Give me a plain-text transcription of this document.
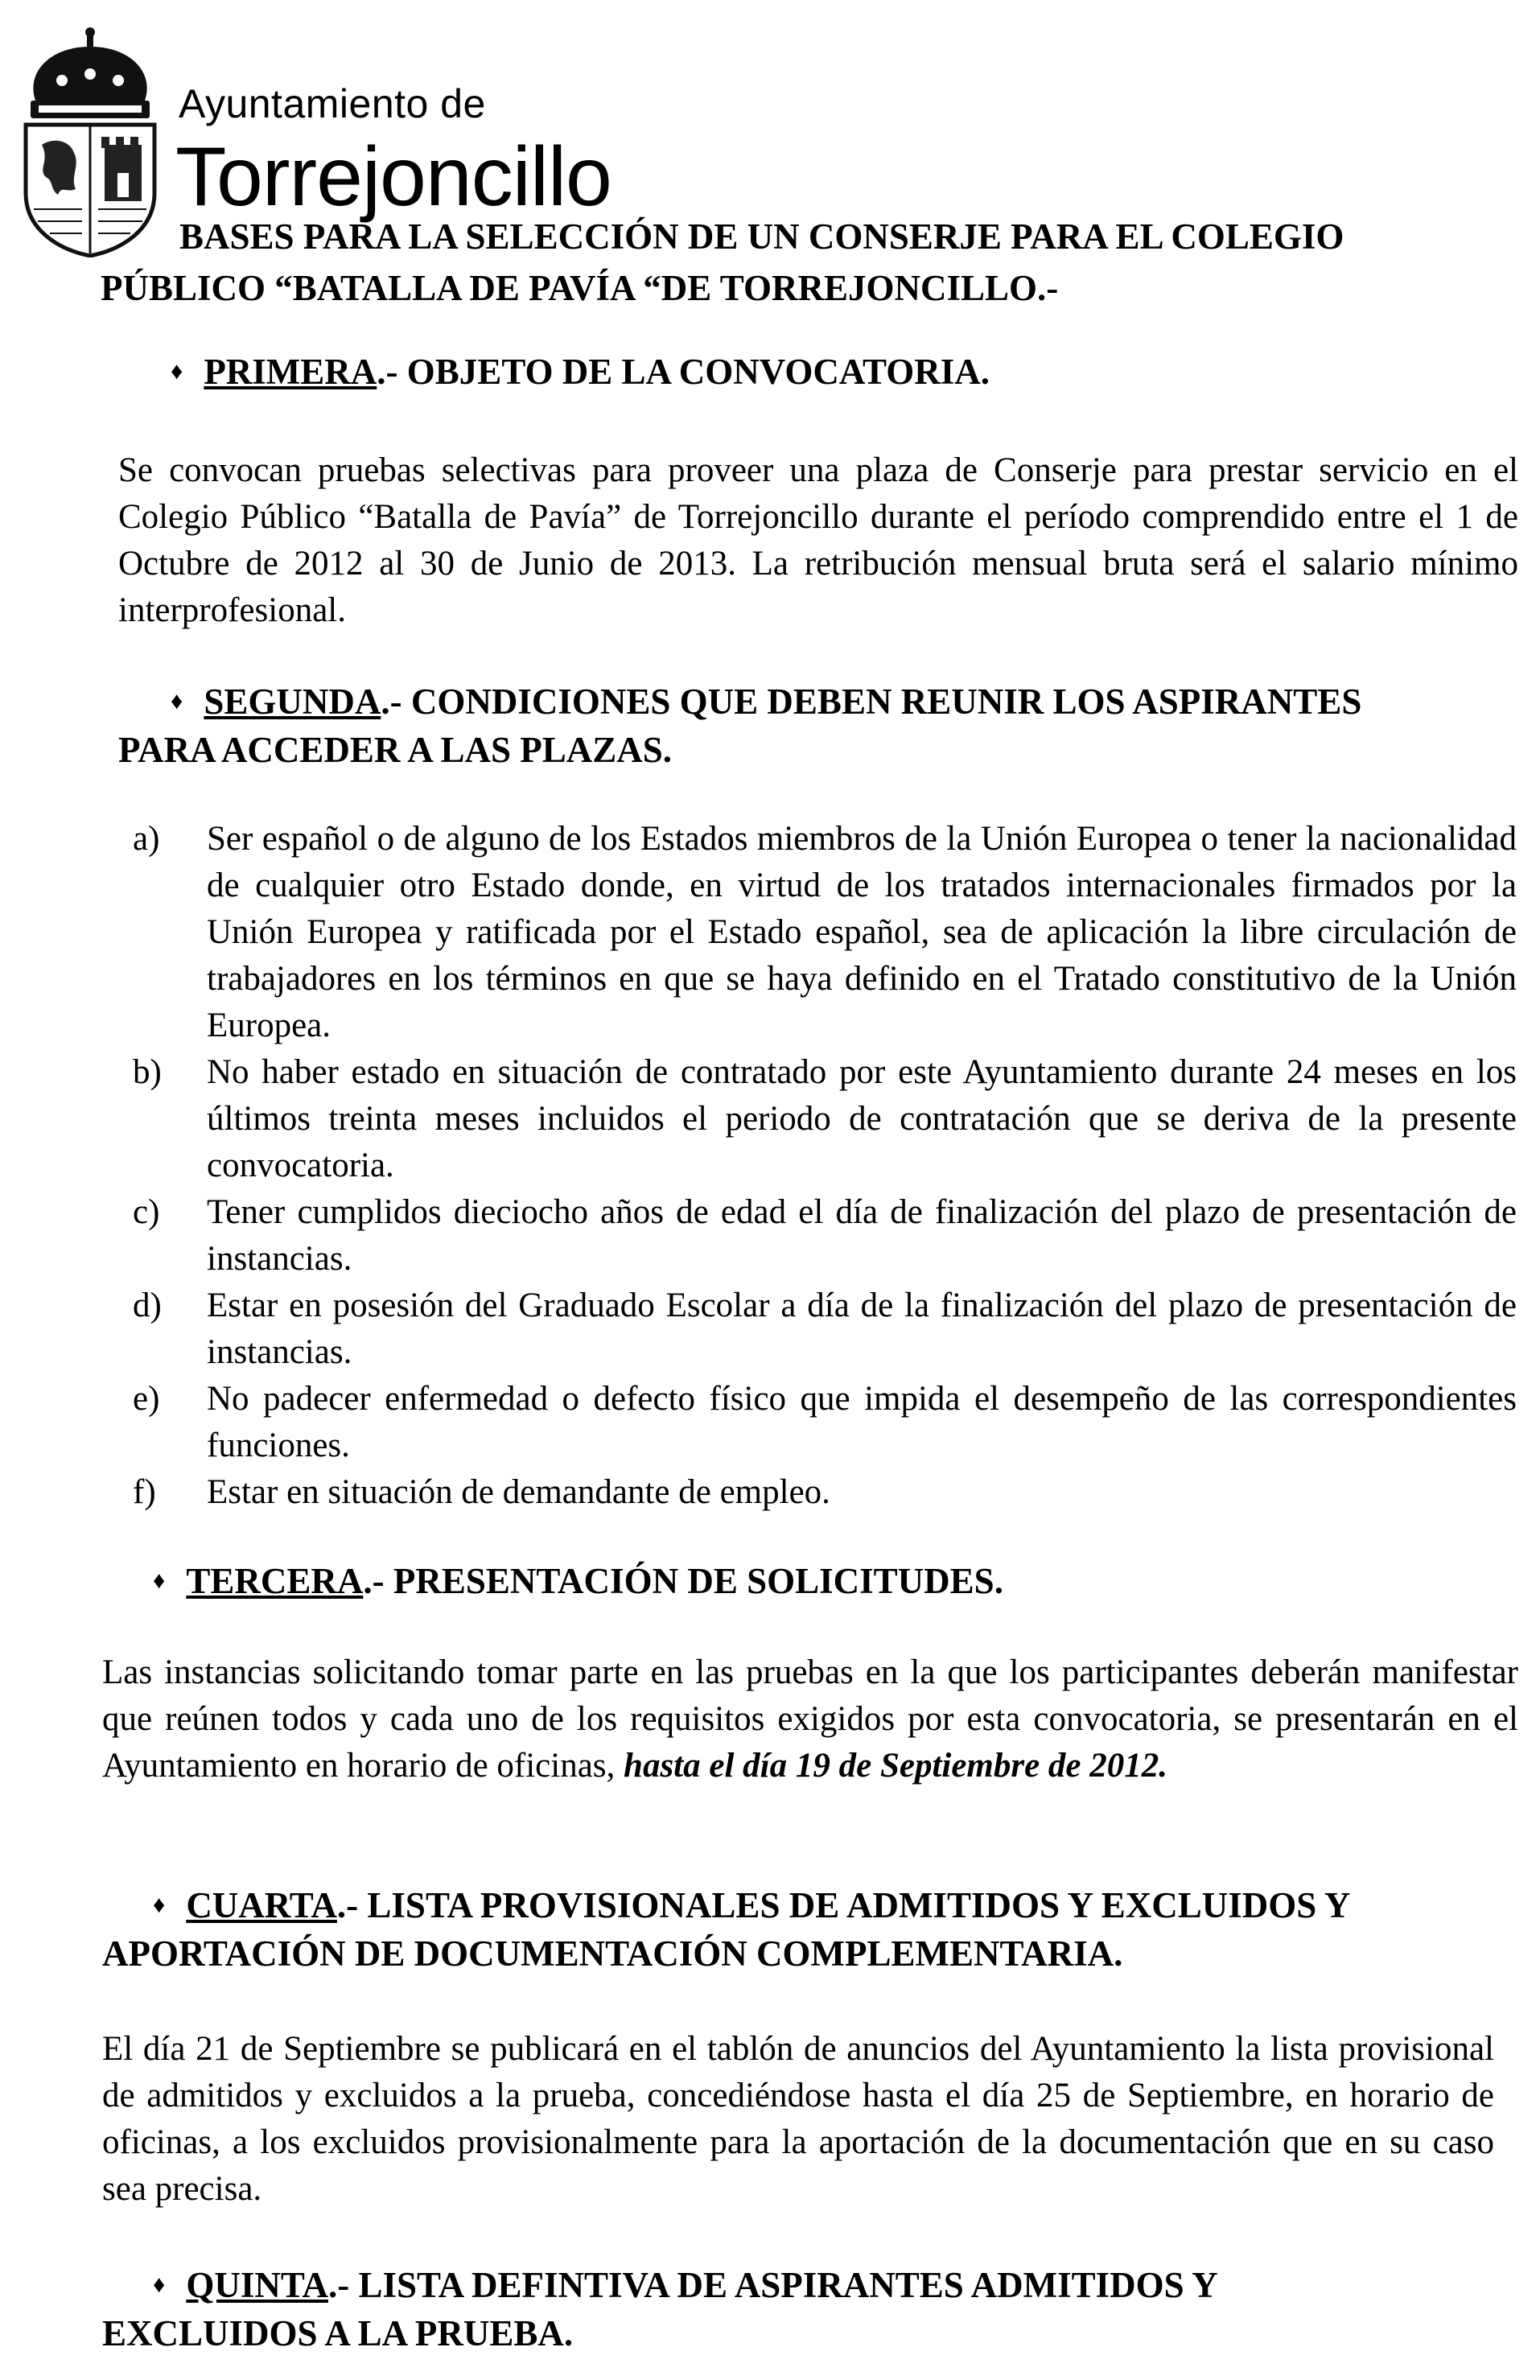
Ayuntamiento de
Torrejoncillo
BASES PARA LA SELECCIÓN DE UN CONSERJE PARA EL COLEGIO
PÚBLICO “BATALLA DE PAVÍA “DE TORREJONCILLO.-
♦ PRIMERA.- OBJETO DE LA CONVOCATORIA.
Se convocan pruebas selectivas para proveer una plaza de Conserje para prestar servicio en el Colegio Público “Batalla de Pavía” de Torrejoncillo durante el período comprendido entre el 1 de Octubre de 2012 al 30 de Junio de 2013. La retribución mensual bruta será el salario mínimo interprofesional.
♦ SEGUNDA.- CONDICIONES QUE DEBEN REUNIR LOS ASPIRANTES
PARA ACCEDER A LAS PLAZAS.
a) Ser español o de alguno de los Estados miembros de la Unión Europea o tener la nacionalidad de cualquier otro Estado donde, en virtud de los tratados internacionales firmados por la Unión Europea y ratificada por el Estado español, sea de aplicación la libre circulación de trabajadores en los términos en que se haya definido en el Tratado constitutivo de la Unión Europea.
b) No haber estado en situación de contratado por este Ayuntamiento durante 24 meses en los últimos treinta meses incluidos el periodo de contratación que se deriva de la presente convocatoria.
c) Tener cumplidos dieciocho años de edad el día de finalización del plazo de presentación de instancias.
d) Estar en posesión del Graduado Escolar a día de la finalización del plazo de presentación de instancias.
e) No padecer enfermedad o defecto físico que impida el desempeño de las correspondientes funciones.
f) Estar en situación de demandante de empleo.
♦ TERCERA.- PRESENTACIÓN DE SOLICITUDES.
Las instancias solicitando tomar parte en las pruebas en la que los participantes deberán manifestar que reúnen todos y cada uno de los requisitos exigidos por esta convocatoria, se presentarán en el Ayuntamiento en horario de oficinas, hasta el día 19 de Septiembre de 2012.
♦ CUARTA.- LISTA PROVISIONALES DE ADMITIDOS Y EXCLUIDOS Y
APORTACIÓN DE DOCUMENTACIÓN COMPLEMENTARIA.
El día 21 de Septiembre se publicará en el tablón de anuncios del Ayuntamiento la lista provisional de admitidos y excluidos a la prueba, concediéndose hasta el día 25 de Septiembre, en horario de oficinas, a los excluidos provisionalmente para la aportación de la documentación que en su caso sea precisa.
♦ QUINTA.- LISTA DEFINTIVA DE ASPIRANTES ADMITIDOS Y
EXCLUIDOS A LA PRUEBA.
